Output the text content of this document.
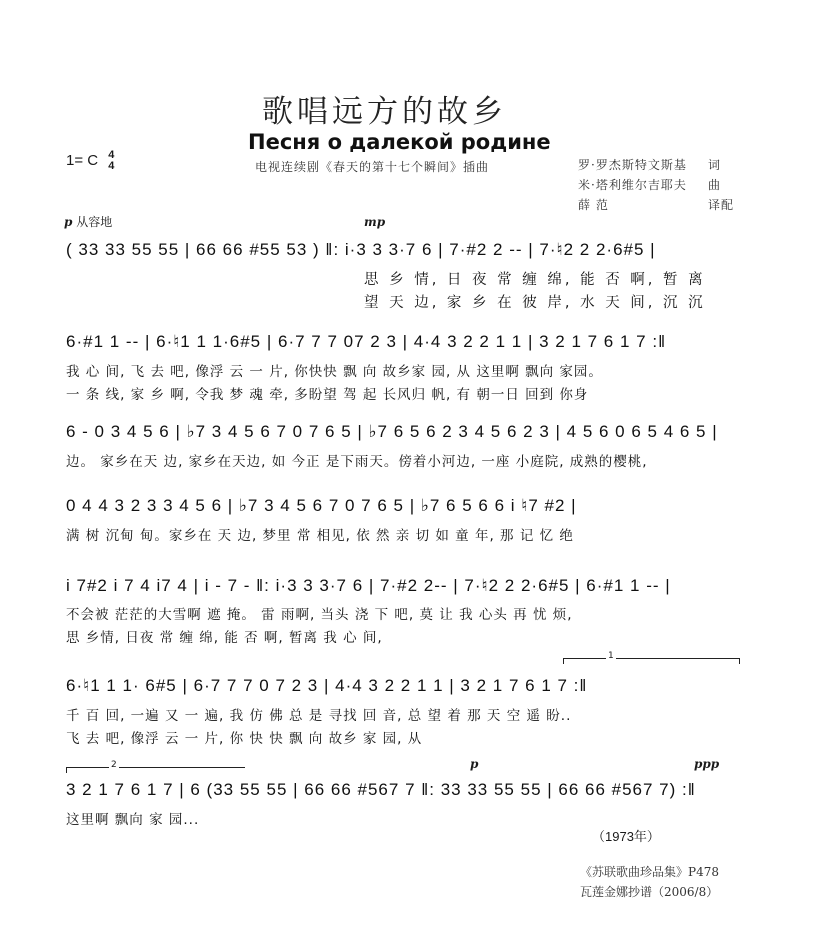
歌唱远方的故乡
Песня о далекой родине
电视连续剧《春天的第十七个瞬间》插曲
1= C 4
4	罗·罗杰斯特文斯基	词
米·塔利维尔吉耶夫	曲
薛 范	译配
p 从容地	mp
( 33 33 55 55 | 66 66 #55 53 ) ‖: i·3 3 3·7 6 | 7·#2 2 -- | 7·♮2 2 2·6#5 |
思 乡 情, 日 夜 常 缠 绵, 能 否 啊, 暂 离
望 天 边, 家 乡 在 彼 岸, 水 天 间, 沉 沉
6·#1 1 -- | 6·♮1 1 1·6#5 | 6·7 7 7 07 2 3 | 4·4 3 2 2 1 1 | 3 2 1 7 6 1 7 :‖
我 心 间, 飞 去 吧, 像浮 云 一 片, 你快快 飘 向 故乡家 园, 从 这里啊 飘向 家园。
一 条 线, 家 乡 啊, 令我 梦 魂 牵, 多盼望 驾 起 长风归 帆, 有 朝一日 回到 你身
6 - 0 3 4 5 6 | ♭7 3 4 5 6 7 0 7 6 5 | ♭7 6 5 6 2 3 4 5 6 2 3 | 4 5 6 0 6 5 4 6 5 |
边。 家乡在天 边, 家乡在天边, 如 今正 是下雨天。傍着小河边, 一座 小庭院, 成熟的樱桃,
0 4 4 3 2 3 3 4 5 6 | ♭7 3 4 5 6 7 0 7 6 5 | ♭7 6 5 6 6 i ♮7 #2 |
满 树 沉甸 甸。家乡在 天 边, 梦里 常 相见, 依 然 亲 切 如 童 年, 那 记 忆 绝
i 7#2 i 7 4 i7 4 | i - 7 - ‖: i·3 3 3·7 6 | 7·#2 2-- | 7·♮2 2 2·6#5 | 6·#1 1 -- |
不会被 茫茫的大雪啊 遮 掩。 雷 雨啊, 当头 浇 下 吧, 莫 让 我 心头 再 忧 烦,
思 乡情, 日夜 常 缠 绵, 能 否 啊, 暂离 我 心 间,
1
6·♮1 1 1· 6#5 | 6·7 7 7 0 7 2 3 | 4·4 3 2 2 1 1 | 3 2 1 7 6 1 7 :‖
千 百 回, 一遍 又 一 遍, 我 仿 佛 总 是 寻找 回 音, 总 望 着 那 天 空 遥 盼..
飞 去 吧, 像浮 云 一 片, 你 快 快 飘 向 故乡 家 园, 从
2	p	ppp
3 2 1 7 6 1 7 | 6 (33 55 55 | 66 66 #567 7 ‖: 33 33 55 55 | 66 66 #567 7) :‖
这里啊 飘向 家 园...
（1973年）
《苏联歌曲珍品集》P478
瓦莲金娜抄谱（2006/8）
